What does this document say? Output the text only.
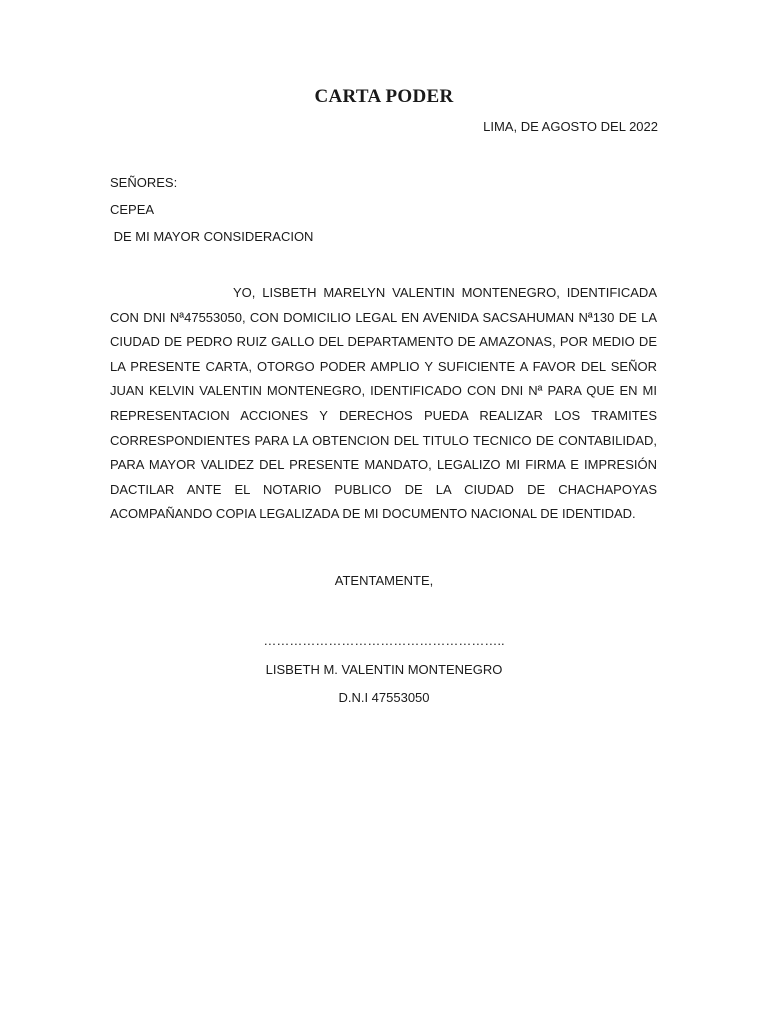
CARTA PODER

LIMA, DE AGOSTO DEL 2022

SEÑORES:

CEPEA

DE MI MAYOR CONSIDERACION

YO, LISBETH MARELYN VALENTIN MONTENEGRO, IDENTIFICADA CON DNI Nª47553050, CON DOMICILIO LEGAL EN AVENIDA SACSAHUMAN Nª130 DE LA CIUDAD DE PEDRO RUIZ GALLO DEL DEPARTAMENTO DE AMAZONAS, POR MEDIO DE LA PRESENTE CARTA, OTORGO PODER AMPLIO Y SUFICIENTE A FAVOR DEL SEÑOR JUAN KELVIN VALENTIN MONTENEGRO, IDENTIFICADO CON DNI Nª PARA QUE EN MI REPRESENTACION ACCIONES Y DERECHOS PUEDA REALIZAR LOS TRAMITES CORRESPONDIENTES PARA LA OBTENCION DEL TITULO TECNICO DE CONTABILIDAD, PARA MAYOR VALIDEZ DEL PRESENTE MANDATO, LEGALIZO MI FIRMA E IMPRESIÓN DACTILAR ANTE EL NOTARIO PUBLICO DE LA CIUDAD DE CHACHAPOYAS ACOMPAÑANDO COPIA LEGALIZADA DE MI DOCUMENTO NACIONAL DE IDENTIDAD.

ATENTAMENTE,

………………………………………………..

LISBETH M. VALENTIN MONTENEGRO

D.N.I 47553050
